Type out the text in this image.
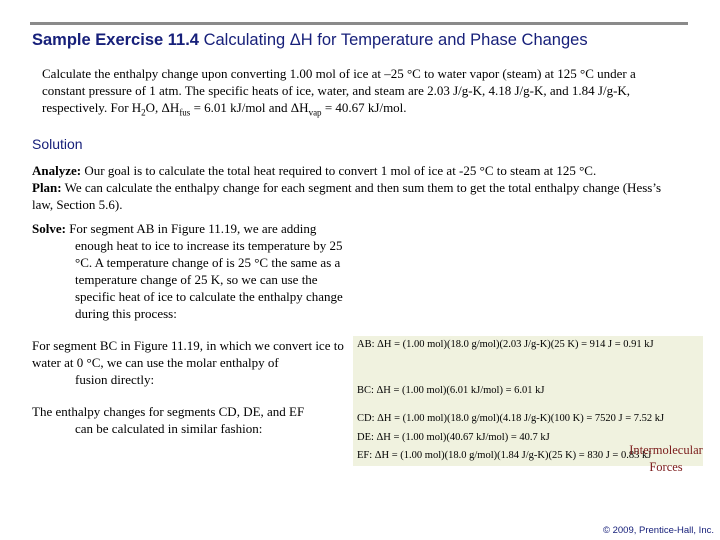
Sample Exercise 11.4 Calculating ΔH for Temperature and Phase Changes
Calculate the enthalpy change upon converting 1.00 mol of ice at –25 °C to water vapor (steam) at 125 °C under a constant pressure of 1 atm. The specific heats of ice, water, and steam are 2.03 J/g-K, 4.18 J/g-K, and 1.84 J/g-K, respectively. For $H_2O$, $\Delta H_{fus} = 6.01$ kJ/mol and $\Delta H_{vap} = 40.67$ kJ/mol.
Solution
Analyze: Our goal is to calculate the total heat required to convert 1 mol of ice at -25 °C to steam at 125 °C.
Plan: We can calculate the enthalpy change for each segment and then sum them to get the total enthalpy change (Hess’s law, Section 5.6).
Solve: For segment AB in Figure 11.19, we are adding
enough heat to ice to increase its temperature by 25 °C. A temperature change of is 25 °C the same as a temperature change of 25 K, so we can use the specific heat of ice to calculate the enthalpy change during this process:
For segment BC in Figure 11.19, in which we convert ice to water at 0 °C, we can use the molar enthalpy of
fusion directly:
The enthalpy changes for segments CD, DE, and EF
can be calculated in similar fashion:
AB: ΔH = (1.00 mol)(18.0 g/mol)(2.03 J/g-K)(25 K) = 914 J = 0.91 kJ
BC: ΔH = (1.00 mol)(6.01 kJ/mol) = 6.01 kJ
CD: ΔH = (1.00 mol)(18.0 g/mol)(4.18 J/g-K)(100 K) = 7520 J = 7.52 kJ
DE: ΔH = (1.00 mol)(40.67 kJ/mol) = 40.7 kJ
EF: ΔH = (1.00 mol)(18.0 g/mol)(1.84 J/g-K)(25 K) = 830 J = 0.83 kJ
Intermolecular Forces
© 2009, Prentice-Hall, Inc.
